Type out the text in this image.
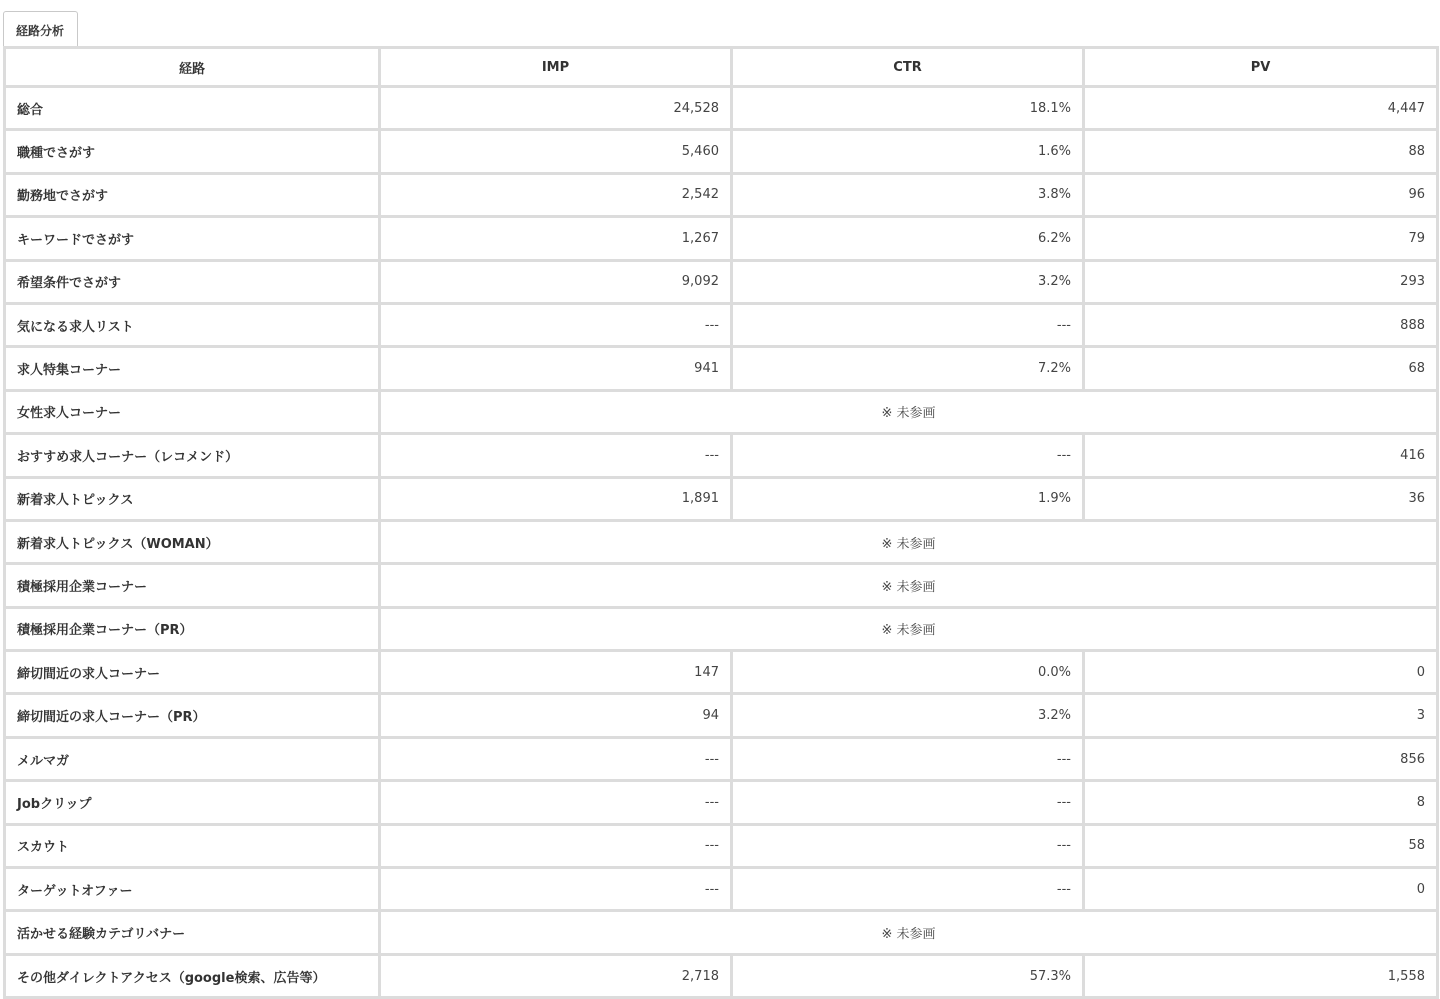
経路分析
経路	IMP	CTR	PV
総合	24,528	18.1%	4,447
職種でさがす	5,460	1.6%	88
勤務地でさがす	2,542	3.8%	96
キーワードでさがす	1,267	6.2%	79
希望条件でさがす	9,092	3.2%	293
気になる求人リスト	---	---	888
求人特集コーナー	941	7.2%	68
女性求人コーナー	※ 未参画		
おすすめ求人コーナー（レコメンド）	---	---	416
新着求人トピックス	1,891	1.9%	36
新着求人トピックス（WOMAN）	※ 未参画		
積極採用企業コーナー	※ 未参画		
積極採用企業コーナー（PR）	※ 未参画		
締切間近の求人コーナー	147	0.0%	0
締切間近の求人コーナー（PR）	94	3.2%	3
メルマガ	---	---	856
Jobクリップ	---	---	8
スカウト	---	---	58
ターゲットオファー	---	---	0
活かせる経験カテゴリバナー	※ 未参画		
その他ダイレクトアクセス（google検索、広告等）	2,718	57.3%	1,558
